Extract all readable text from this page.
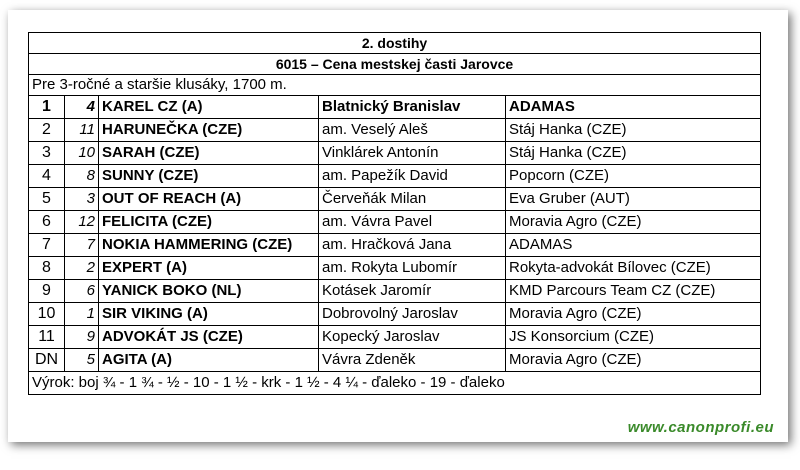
2. dostihy				
6015 – Cena mestskej časti Jarovce				
Pre 3-ročné a staršie klusáky, 1700 m.				
1	4	KAREL CZ (A)	Blatnický Branislav	ADAMAS
2	11	HARUNEČKA (CZE)	am. Veselý Aleš	Stáj Hanka (CZE)
3	10	SARAH (CZE)	Vinklárek Antonín	Stáj Hanka (CZE)
4	8	SUNNY (CZE)	am. Papežík David	Popcorn (CZE)
5	3	OUT OF REACH (A)	Červeňák Milan	Eva Gruber (AUT)
6	12	FELICITA (CZE)	am. Vávra Pavel	Moravia Agro (CZE)
7	7	NOKIA HAMMERING (CZE)	am. Hračková Jana	ADAMAS
8	2	EXPERT (A)	am. Rokyta Lubomír	Rokyta-advokát Bílovec (CZE)
9	6	YANICK BOKO (NL)	Kotásek Jaromír	KMD Parcours Team CZ (CZE)
10	1	SIR VIKING (A)	Dobrovolný Jaroslav	Moravia Agro (CZE)
11	9	ADVOKÁT JS (CZE)	Kopecký Jaroslav	JS Konsorcium (CZE)
DN	5	AGITA (A)	Vávra Zdeněk	Moravia Agro (CZE)
Výrok: boj ¾ - 1 ¾ - ½ - 10 - 1 ½ - krk - 1 ½ - 4 ¼ - ďaleko - 19 - ďaleko				
www.canonprofi.eu
